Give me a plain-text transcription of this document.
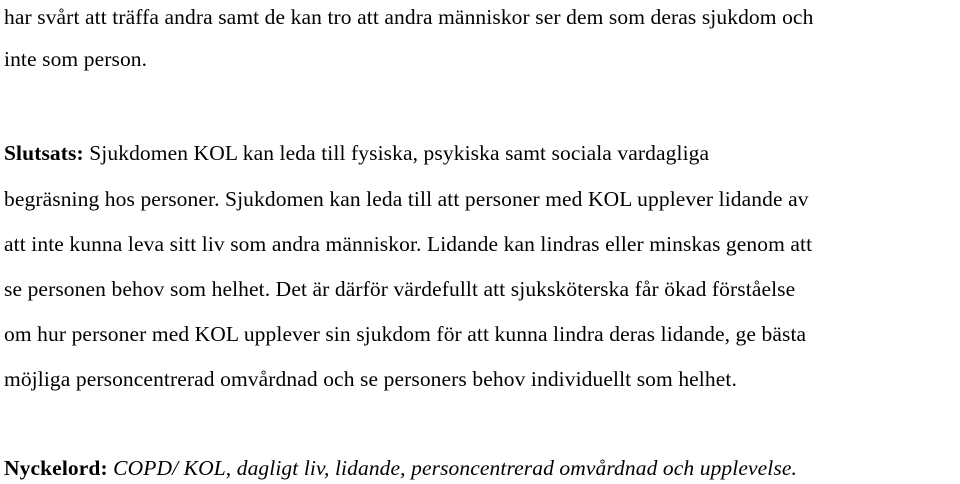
har svårt att träffa andra samt de kan tro att andra människor ser dem som deras sjukdom och
inte som person.
Slutsats: Sjukdomen KOL kan leda till fysiska, psykiska samt sociala vardagliga
begräsning hos personer. Sjukdomen kan leda till att personer med KOL upplever lidande av
att inte kunna leva sitt liv som andra människor. Lidande kan lindras eller minskas genom att
se personen behov som helhet. Det är därför värdefullt att sjuksköterska får ökad förståelse
om hur personer med KOL upplever sin sjukdom för att kunna lindra deras lidande, ge bästa
möjliga personcentrerad omvårdnad och se personers behov individuellt som helhet.
Nyckelord: COPD/ KOL, dagligt liv, lidande, personcentrerad omvårdnad och upplevelse.
